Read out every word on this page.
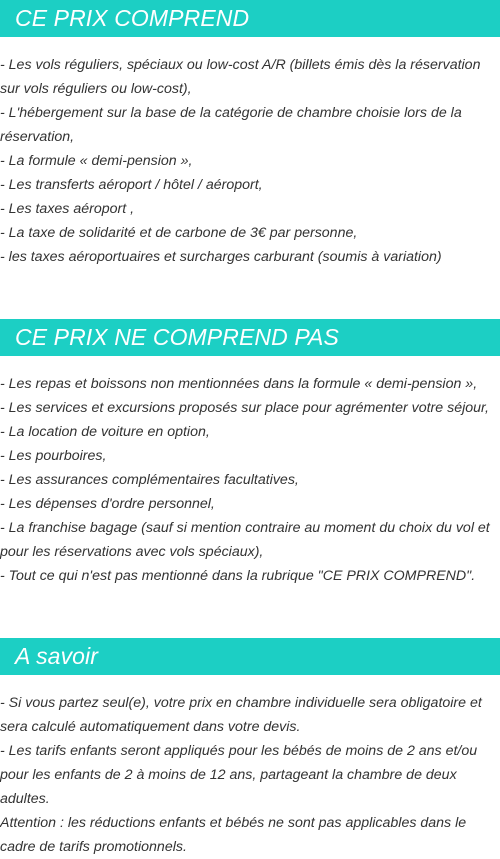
CE PRIX COMPREND
- Les vols réguliers, spéciaux ou low-cost A/R (billets émis dès la réservation sur vols réguliers ou low-cost),
- L'hébergement sur la base de la catégorie de chambre choisie lors de la réservation,
- La formule « demi-pension »,
- Les transferts aéroport / hôtel / aéroport,
- Les taxes aéroport ,
- La taxe de solidarité et de carbone de 3€ par personne,
- les taxes aéroportuaires et surcharges carburant (soumis à variation)
CE PRIX NE COMPREND PAS
- Les repas et boissons non mentionnées dans la formule « demi-pension »,
- Les services et excursions proposés sur place pour agrémenter votre séjour,
- La location de voiture en option,
- Les pourboires,
- Les assurances complémentaires facultatives,
- Les dépenses d'ordre personnel,
- La franchise bagage (sauf si mention contraire au moment du choix du vol et pour les réservations avec vols spéciaux),
- Tout ce qui n'est pas mentionné dans la rubrique "CE PRIX COMPREND".
A savoir
- Si vous partez seul(e), votre prix en chambre individuelle sera obligatoire et sera calculé automatiquement dans votre devis.
- Les tarifs enfants seront appliqués pour les bébés de moins de 2 ans et/ou pour les enfants de 2 à moins de 12 ans, partageant la chambre de deux adultes.
Attention : les réductions enfants et bébés ne sont pas applicables dans le cadre de tarifs promotionnels.
